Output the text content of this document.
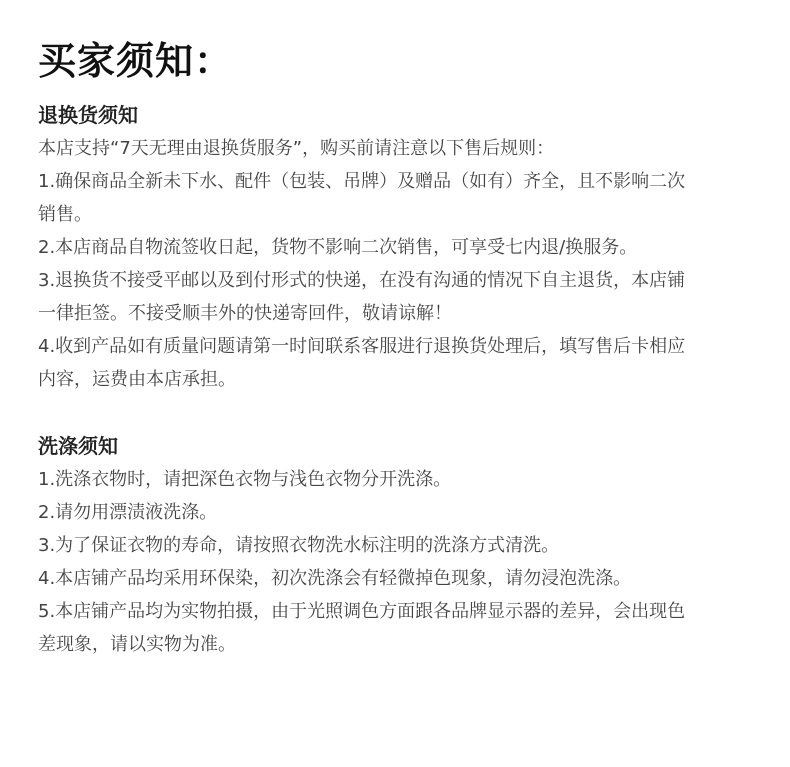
买家须知：
退换货须知

本店支持“7天无理由退换货服务”，购买前请注意以下售后规则：

1.确保商品全新未下水、配件（包装、吊牌）及赠品（如有）齐全，且不影响二次
销售。

2.本店商品自物流签收日起，货物不影响二次销售，可享受七内退/换服务。

3.退换货不接受平邮以及到付形式的快递，在没有沟通的情况下自主退货，本店铺
一律拒签。不接受顺丰外的快递寄回件，敬请谅解！

4.收到产品如有质量问题请第一时间联系客服进行退换货处理后，填写售后卡相应
内容，运费由本店承担。

洗涤须知

1.洗涤衣物时，请把深色衣物与浅色衣物分开洗涤。

2.请勿用漂渍液洗涤。

3.为了保证衣物的寿命，请按照衣物洗水标注明的洗涤方式清洗。

4.本店铺产品均采用环保染，初次洗涤会有轻微掉色现象，请勿浸泡洗涤。

5.本店铺产品均为实物拍摄，由于光照调色方面跟各品牌显示器的差异，会出现色
差现象，请以实物为准。
